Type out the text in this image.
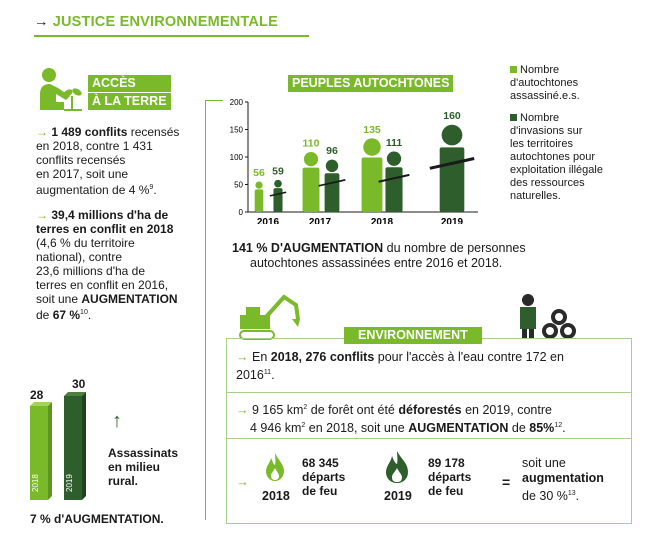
→ JUSTICE ENVIRONNEMENTALE
ACCÈS
À LA TERRE
→ 1 489 conflits recensés
en 2018, contre 1 431
conflits recensés
en 2017, soit une
augmentation de 4 %$^9$.
→ 39,4 millions d'ha de
terres en conflit en 2018
(4,6 % du territoire
national), contre
23,6 millions d'ha de
terres en conflit en 2016,
soit une AUGMENTATION
de 67 %$^{10}$.
28
30
2018	2019
↑
Assassinats
en milieu
rural.
7 % d'AUGMENTATION.
PEUPLES AUTOCHTONES
0
50
100
150
200
2016
56 59
2017
110
96
2018
135
111
2019
160
Nombre
d'autochtones
assassiné.e.s.
Nombre
d'invasions sur
les territoires
autochtones pour
exploitation illégale
des ressources
naturelles.
141 % D'AUGMENTATION du nombre de personnes
autochtones assassinées entre 2016 et 2018.
ENVIRONNEMENT
→ En 2018, 276 conflits pour l'accès à l'eau contre 172 en
$2016^{11}$.
→ 9 165 $km^2$ de forêt ont été déforestés en 2019, contre
4 946 $km^2$ en 2018, soit une AUGMENTATION de 85%$^{12}$.
→
2018
68 345
départs
de feu	2019
89 178
départs
de feu
=
soit une
augmentation
de 30 %$^{13}$.
